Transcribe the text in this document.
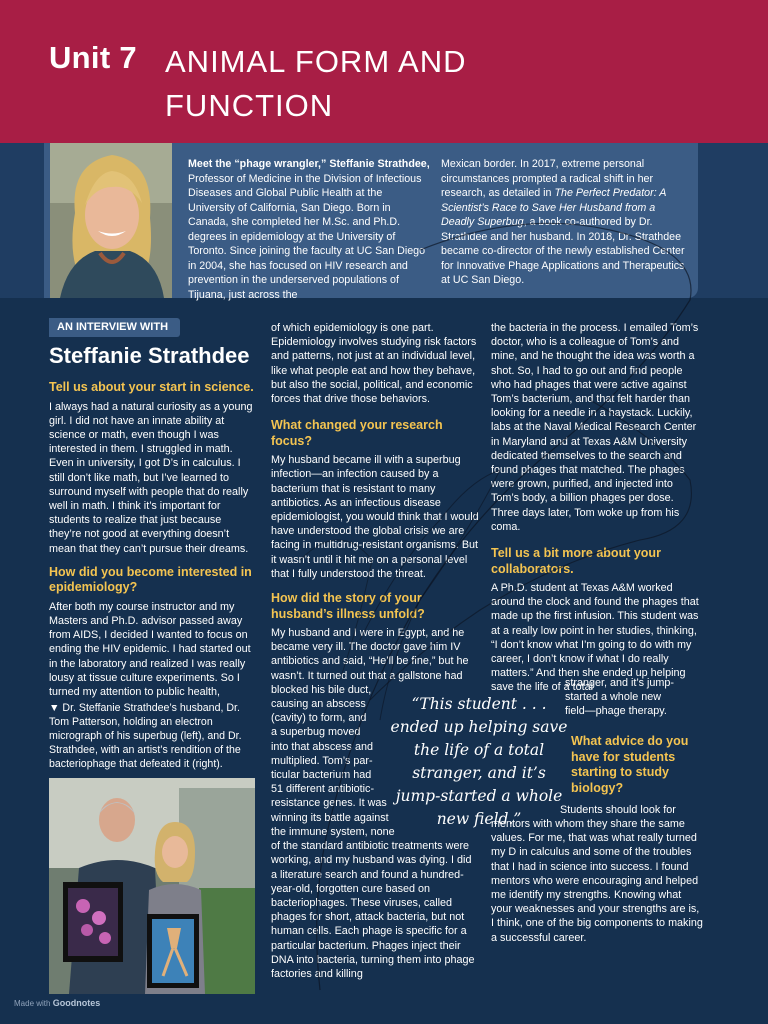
Unit 7 ANIMAL FORM AND
FUNCTION
Meet the “phage wrangler,” Steffanie Strathdee, Professor of Medicine in the Division of Infectious Diseases and Global Public Health at the University of California, San Diego. Born in Canada, she completed her M.Sc. and Ph.D. degrees in epidemiology at the University of Toronto. Since joining the faculty at UC San Diego in 2004, she has focused on HIV research and prevention in the underserved populations of Tijuana, just across the
Mexican border. In 2017, extreme personal circumstances prompted a radical shift in her research, as detailed in The Perfect Predator: A Scientist’s Race to Save Her Husband from a Deadly Superbug, a book co-authored by Dr. Strathdee and her husband. In 2018, Dr. Strathdee became co-director of the newly established Center for Innovative Phage Applications and Therapeutics at UC San Diego.
AN INTERVIEW WITH
Steffanie Strathdee
Tell us about your start in science.

I always had a natural curiosity as a young girl. I did not have an innate ability at science or math, even though I was interested in them. I struggled in math. Even in university, I got D’s in calculus. I still don’t like math, but I’ve learned to surround myself with people that do really well in math. I think it’s important for students to realize that just because they’re not good at everything doesn’t mean that they can’t pursue their dreams.

How did you become interested in epidemiology?

After both my course instructor and my Masters and Ph.D. advisor passed away from AIDS, I decided I wanted to focus on ending the HIV epidemic. I had started out in the laboratory and realized I was really lousy at tissue culture experiments. So I turned my attention to public health,

of which epidemiology is one part. Epidemiology involves studying risk factors and patterns, not just at an individual level, like what people eat and how they behave, but also the social, political, and economic forces that drive those behaviors.

What changed your research focus?

My husband became ill with a superbug infection—an infection caused by a bacterium that is resistant to many antibiotics. As an infectious disease epidemiologist, you would think that I would have understood the global crisis we are facing in multidrug-resistant organisms. But it wasn’t until it hit me on a personal level that I fully understood the threat.

How did the story of your husband’s illness unfold?

My husband and I were in Egypt, and he became very ill. The doctor gave him IV antibiotics and said, “He’ll be fine,” but he wasn’t. It turned out that a gallstone had

blocked his bile duct,
causing an abscess
(cavity) to form, and
a superbug moved
into that abscess and
multiplied. Tom’s par-
ticular bacterium had
51 different antibiotic-
resistance genes. It was
winning its battle against
the immune system, none

of the standard antibiotic treatments were working, and my husband was dying. I did a literature search and found a hundred-year-old, forgotten cure based on bacteriophages. These viruses, called phages for short, attack bacteria, but not human cells. Each phage is specific for a particular bacterium. Phages inject their DNA into bacteria, turning them into phage factories and killing

the bacteria in the process. I emailed Tom’s doctor, who is a colleague of Tom’s and mine, and he thought the idea was worth a shot. So, I had to go out and find people who had phages that were active against Tom’s bacterium, and that felt harder than looking for a needle in a haystack. Luckily, labs at the Naval Medical Research Center in Maryland and at Texas A&M University dedicated themselves to the search and found phages that matched. The phages were grown, purified, and injected into Tom’s body, a billion phages per dose. Three days later, Tom woke up from his coma.

Tell us a bit more about your collaborators.

A Ph.D. student at Texas A&M worked around the clock and found the phages that made up the first infusion. This student was at a really low point in her studies, thinking, “I don’t know what I’m going to do with my career, I don’t know if what I do really matters.” And then she ended up helping save the life of a total

stranger, and it’s jump-
started a whole new
field—phage therapy.
What advice do you
have for students
starting to study
biology?

Students should look for

mentors with whom they share the same values. For me, that was what really turned my D in calculus and some of the troubles that I had in science into success. I found mentors who were encouraging and helped me identify my strengths. Knowing what your weaknesses and your strengths are is, I think, one of the big components to making a successful career.

“This student . . . ended up helping save the life of a total stranger, and it’s jump-started a whole new field.”
▼ Dr. Steffanie Strathdee’s husband, Dr. Tom Patterson, holding an electron micrograph of his superbug (left), and Dr. Strathdee, with an artist’s rendition of the bacteriophage that defeated it (right).
Made with Goodnotes
